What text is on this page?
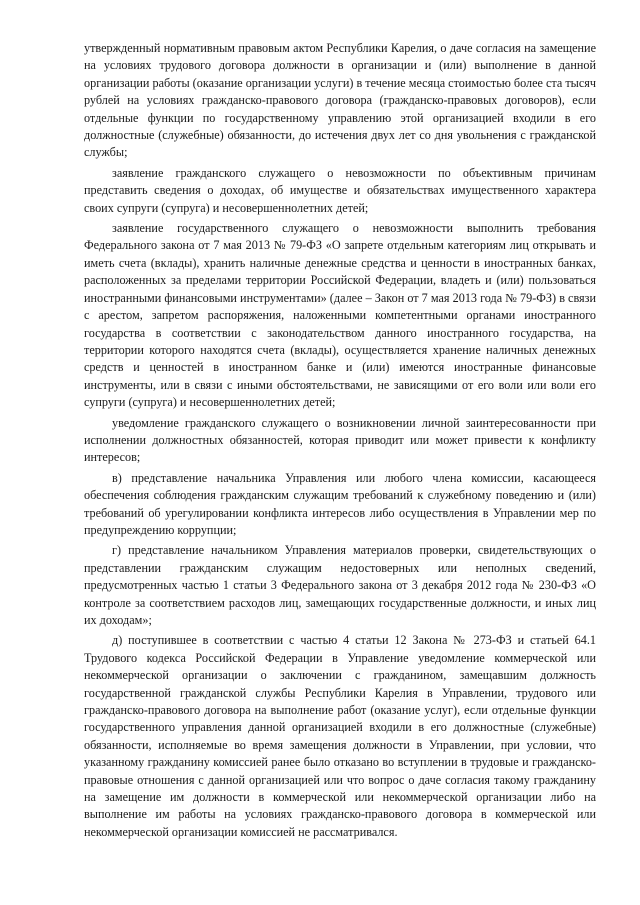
утвержденный нормативным правовым актом Республики Карелия, о даче согласия на замещение на условиях трудового договора должности в организации и (или) выполнение в данной организации работы (оказание организации услуги) в течение месяца стоимостью более ста тысяч рублей на условиях гражданско-правового договора (гражданско-правовых договоров), если отдельные функции по государственному управлению этой организацией входили в его должностные (служебные) обязанности, до истечения двух лет со дня увольнения с гражданской службы;

заявление гражданского служащего о невозможности по объективным причинам представить сведения о доходах, об имуществе и обязательствах имущественного характера своих супруги (супруга) и несовершеннолетних детей;

заявление государственного служащего о невозможности выполнить требования Федерального закона от 7 мая 2013 № 79-ФЗ «О запрете отдельным категориям лиц открывать и иметь счета (вклады), хранить наличные денежные средства и ценности в иностранных банках, расположенных за пределами территории Российской Федерации, владеть и (или) пользоваться иностранными финансовыми инструментами» (далее – Закон от 7 мая 2013 года № 79-ФЗ) в связи с арестом, запретом распоряжения, наложенными компетентными органами иностранного государства в соответствии с законодательством данного иностранного государства, на территории которого находятся счета (вклады), осуществляется хранение наличных денежных средств и ценностей в иностранном банке и (или) имеются иностранные финансовые инструменты, или в связи с иными обстоятельствами, не зависящими от его воли или воли его супруги (супруга) и несовершеннолетних детей;

уведомление гражданского служащего о возникновении личной заинтересованности при исполнении должностных обязанностей, которая приводит или может привести к конфликту интересов;

в) представление начальника Управления или любого члена комиссии, касающееся обеспечения соблюдения гражданским служащим требований к служебному поведению и (или) требований об урегулировании конфликта интересов либо осуществления в Управлении мер по предупреждению коррупции;

г) представление начальником Управления материалов проверки, свидетельствующих о представлении гражданским служащим недостоверных или неполных сведений, предусмотренных частью 1 статьи 3 Федерального закона от 3 декабря 2012 года № 230-ФЗ «О контроле за соответствием расходов лиц, замещающих государственные должности, и иных лиц их доходам»;

д) поступившее в соответствии с частью 4 статьи 12 Закона № 273-ФЗ и статьей 64.1 Трудового кодекса Российской Федерации в Управление уведомление коммерческой или некоммерческой организации о заключении с гражданином, замещавшим должность государственной гражданской службы Республики Карелия в Управлении, трудового или гражданско-правового договора на выполнение работ (оказание услуг), если отдельные функции государственного управления данной организацией входили в его должностные (служебные) обязанности, исполняемые во время замещения должности в Управлении, при условии, что указанному гражданину комиссией ранее было отказано во вступлении в трудовые и гражданско-правовые отношения с данной организацией или что вопрос о даче согласия такому гражданину на замещение им должности в коммерческой или некоммерческой организации либо на выполнение им работы на условиях гражданско-правового договора в коммерческой или некоммерческой организации комиссией не рассматривался.
